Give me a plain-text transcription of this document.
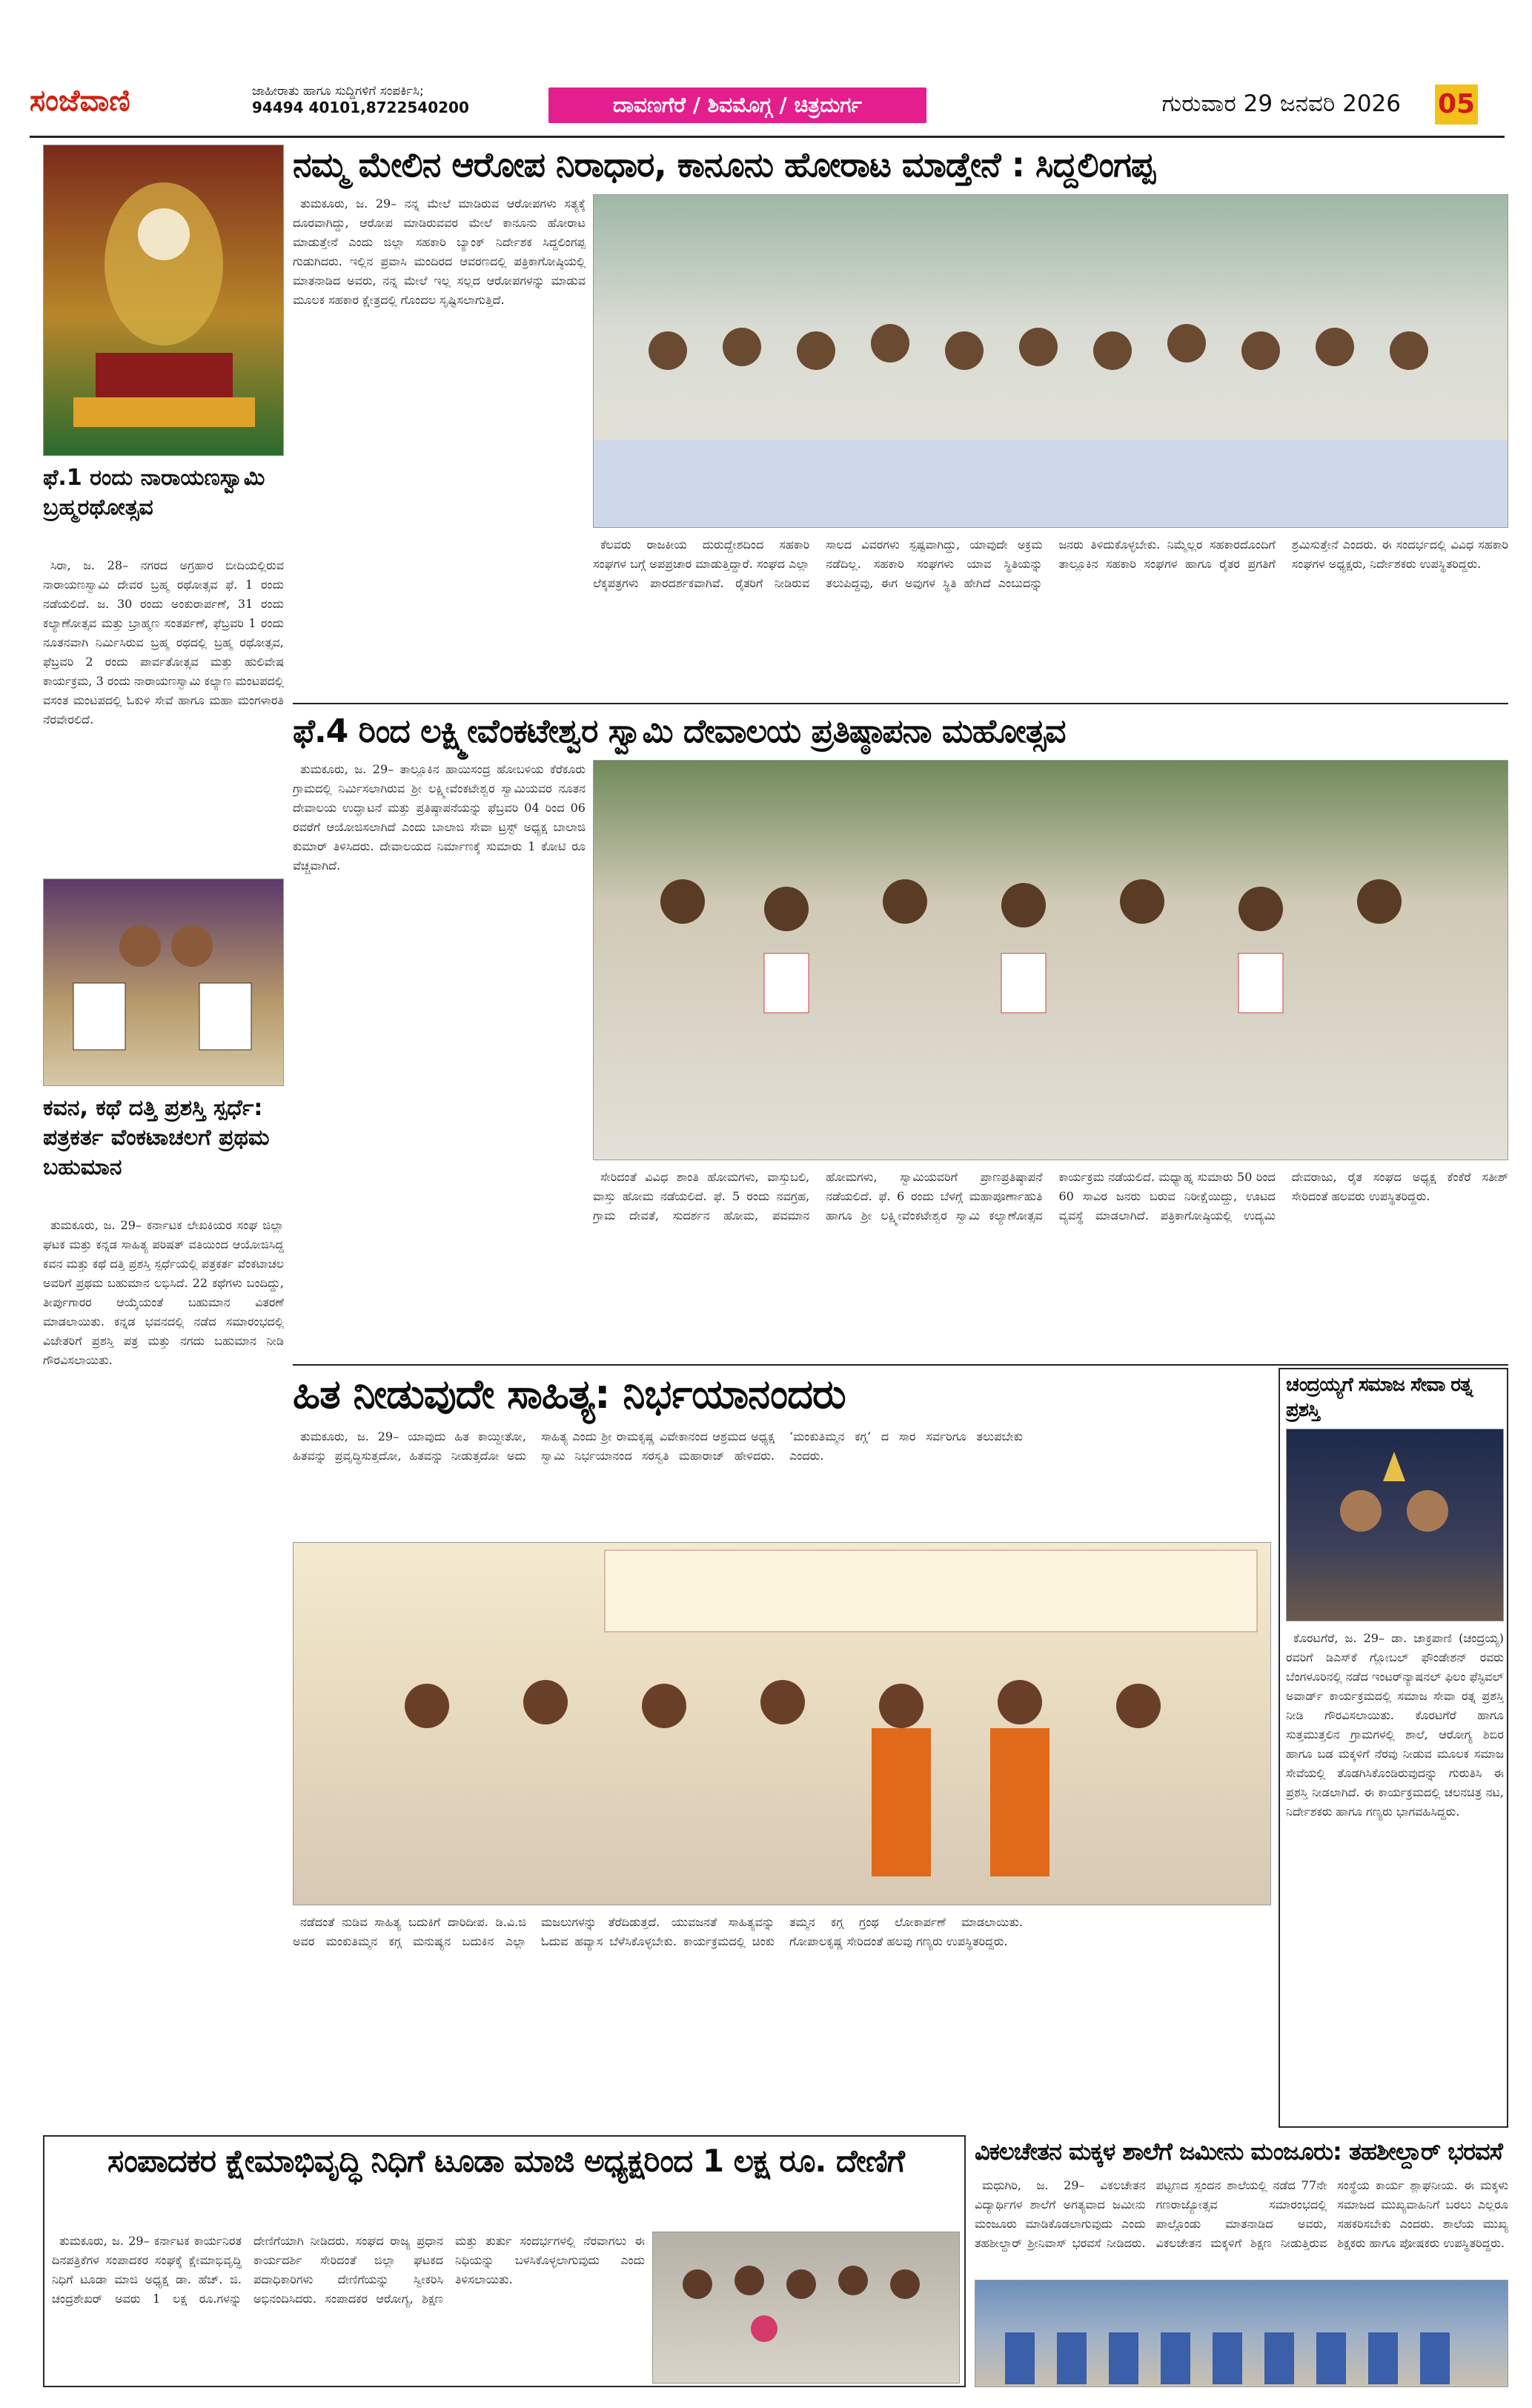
ಸಂಜೆವಾಣಿ	ಜಾಹೀರಾತು ಹಾಗೂ ಸುದ್ದಿಗಳಿಗೆ ಸಂಪರ್ಕಿಸಿ;
94494 40101,8722540200	ದಾವಣಗೆರೆ / ಶಿವಮೊಗ್ಗ / ಚಿತ್ರದುರ್ಗ	ಗುರುವಾರ 29 ಜನವರಿ 2026 05
ಫೆ.1 ರಂದು ನಾರಾಯಣಸ್ವಾಮಿ ಬ್ರಹ್ಮರಥೋತ್ಸವ

ಸಿರಾ, ಜ. 28– ನಗರದ ಅಗ್ರಹಾರ ಬೀದಿಯಲ್ಲಿರುವ ನಾರಾಯಣಸ್ವಾಮಿ ದೇವರ ಬ್ರಹ್ಮ ರಥೋತ್ಸವ ಫೆ. 1 ರಂದು ನಡೆಯಲಿದೆ. ಜ. 30 ರಂದು ಅಂಕುರಾರ್ಪಣೆ, 31 ರಂದು ಕಲ್ಯಾಣೋತ್ಸವ ಮತ್ತು ಬ್ರಾಹ್ಮಣ ಸಂತರ್ಪಣೆ, ಫೆಬ್ರವರಿ 1 ರಂದು ನೂತನವಾಗಿ ನಿರ್ಮಿಸಿರುವ ಬ್ರಹ್ಮ ರಥದಲ್ಲಿ ಬ್ರಹ್ಮ ರಥೋತ್ಸವ, ಫೆಬ್ರವರಿ 2 ರಂದು ಪಾರ್ವತೋತ್ಸವ ಮತ್ತು ಹುಲಿವೇಷ ಕಾರ್ಯಕ್ರಮ, 3 ರಂದು ನಾರಾಯಣಸ್ವಾಮಿ ಕಲ್ಯಾಣ ಮಂಟಪದಲ್ಲಿ ವಸಂತ ಮಂಟಪದಲ್ಲಿ ಓಕುಳಿ ಸೇವೆ ಹಾಗೂ ಮಹಾ ಮಂಗಳಾರತಿ ನೆರವೇರಲಿದೆ.

ಕವನ, ಕಥೆ ದತ್ತಿ ಪ್ರಶಸ್ತಿ ಸ್ಪರ್ಧೆ: ಪತ್ರಕರ್ತ ವೆಂಕಟಾಚಲಗೆ ಪ್ರಥಮ ಬಹುಮಾನ

ತುಮಕೂರು, ಜ. 29– ಕರ್ನಾಟಕ ಲೇಖಕಿಯರ ಸಂಘ ಜಿಲ್ಲಾ ಘಟಕ ಮತ್ತು ಕನ್ನಡ ಸಾಹಿತ್ಯ ಪರಿಷತ್ ವತಿಯಿಂದ ಆಯೋಜಿಸಿದ್ದ ಕವನ ಮತ್ತು ಕಥೆ ದತ್ತಿ ಪ್ರಶಸ್ತಿ ಸ್ಪರ್ಧೆಯಲ್ಲಿ ಪತ್ರಕರ್ತ ವೆಂಕಟಾಚಲ ಅವರಿಗೆ ಪ್ರಥಮ ಬಹುಮಾನ ಲಭಿಸಿದೆ. 22 ಕಥೆಗಳು ಬಂದಿದ್ದು, ತೀರ್ಪುಗಾರರ ಆಯ್ಕೆಯಂತೆ ಬಹುಮಾನ ವಿತರಣೆ ಮಾಡಲಾಯಿತು. ಕನ್ನಡ ಭವನದಲ್ಲಿ ನಡೆದ ಸಮಾರಂಭದಲ್ಲಿ ವಿಜೇತರಿಗೆ ಪ್ರಶಸ್ತಿ ಪತ್ರ ಮತ್ತು ನಗದು ಬಹುಮಾನ ನೀಡಿ ಗೌರವಿಸಲಾಯಿತು.

ನಮ್ಮ ಮೇಲಿನ ಆರೋಪ ನಿರಾಧಾರ, ಕಾನೂನು ಹೋರಾಟ ಮಾಡ್ತೇನೆ : ಸಿದ್ದಲಿಂಗಪ್ಪ

ತುಮಕೂರು, ಜ. 29– ನನ್ನ ಮೇಲೆ ಮಾಡಿರುವ ಆರೋಪಗಳು ಸತ್ಯಕ್ಕೆ ದೂರವಾಗಿದ್ದು, ಆರೋಪ ಮಾಡಿರುವವರ ಮೇಲೆ ಕಾನೂನು ಹೋರಾಟ ಮಾಡುತ್ತೇನೆ ಎಂದು ಜಿಲ್ಲಾ ಸಹಕಾರಿ ಬ್ಯಾಂಕ್ ನಿರ್ದೇಶಕ ಸಿದ್ದಲಿಂಗಪ್ಪ ಗುಡುಗಿದರು. ಇಲ್ಲಿನ ಪ್ರವಾಸಿ ಮಂದಿರದ ಆವರಣದಲ್ಲಿ ಪತ್ರಿಕಾಗೋಷ್ಠಿಯಲ್ಲಿ ಮಾತನಾಡಿದ ಅವರು, ನನ್ನ ಮೇಲೆ ಇಲ್ಲ ಸಲ್ಲದ ಆರೋಪಗಳನ್ನು ಮಾಡುವ ಮೂಲಕ ಸಹಕಾರ ಕ್ಷೇತ್ರದಲ್ಲಿ ಗೊಂದಲ ಸೃಷ್ಟಿಸಲಾಗುತ್ತಿದೆ.

ಕೆಲವರು ರಾಜಕೀಯ ದುರುದ್ದೇಶದಿಂದ ಸಹಕಾರಿ ಸಂಘಗಳ ಬಗ್ಗೆ ಅಪಪ್ರಚಾರ ಮಾಡುತ್ತಿದ್ದಾರೆ. ಸಂಘದ ಎಲ್ಲಾ ಲೆಕ್ಕಪತ್ರಗಳು ಪಾರದರ್ಶಕವಾಗಿವೆ. ರೈತರಿಗೆ ನೀಡಿರುವ ಸಾಲದ ವಿವರಗಳು ಸ್ಪಷ್ಟವಾಗಿದ್ದು, ಯಾವುದೇ ಅಕ್ರಮ ನಡೆದಿಲ್ಲ. ಸಹಕಾರಿ ಸಂಘಗಳು ಯಾವ ಸ್ಥಿತಿಯನ್ನು ತಲುಪಿದ್ದವು, ಈಗ ಅವುಗಳ ಸ್ಥಿತಿ ಹೇಗಿದೆ ಎಂಬುದನ್ನು ಜನರು ತಿಳಿದುಕೊಳ್ಳಬೇಕು. ನಿಮ್ಮೆಲ್ಲರ ಸಹಕಾರದೊಂದಿಗೆ ತಾಲ್ಲೂಕಿನ ಸಹಕಾರಿ ಸಂಘಗಳ ಹಾಗೂ ರೈತರ ಪ್ರಗತಿಗೆ ಶ್ರಮಿಸುತ್ತೇನೆ ಎಂದರು. ಈ ಸಂದರ್ಭದಲ್ಲಿ ವಿವಿಧ ಸಹಕಾರಿ ಸಂಘಗಳ ಅಧ್ಯಕ್ಷರು, ನಿರ್ದೇಶಕರು ಉಪಸ್ಥಿತರಿದ್ದರು.

ಫೆ.4 ರಿಂದ ಲಕ್ಷ್ಮೀವೆಂಕಟೇಶ್ವರ ಸ್ವಾಮಿ ದೇವಾಲಯ ಪ್ರತಿಷ್ಠಾಪನಾ ಮಹೋತ್ಸವ

ತುಮಕೂರು, ಜ. 29– ತಾಲ್ಲೂಕಿನ ಹಾಯಿಸಂದ್ರ ಹೋಬಳಿಯ ಕೆರೆಕೂರು ಗ್ರಾಮದಲ್ಲಿ ನಿರ್ಮಿಸಲಾಗಿರುವ ಶ್ರೀ ಲಕ್ಷ್ಮೀವೆಂಕಟೇಶ್ವರ ಸ್ವಾಮಿಯವರ ನೂತನ ದೇವಾಲಯ ಉದ್ಘಾಟನೆ ಮತ್ತು ಪ್ರತಿಷ್ಠಾಪನೆಯನ್ನು ಫೆಬ್ರವರಿ 04 ರಿಂದ 06 ರವರೆಗೆ ಆಯೋಜಿಸಲಾಗಿದೆ ಎಂದು ಬಾಲಾಜಿ ಸೇವಾ ಟ್ರಸ್ಟ್ ಅಧ್ಯಕ್ಷ ಬಾಲಾಜಿ ಕುಮಾರ್ ತಿಳಿಸಿದರು. ದೇವಾಲಯದ ನಿರ್ಮಾಣಕ್ಕೆ ಸುಮಾರು 1 ಕೋಟಿ ರೂ ವೆಚ್ಚವಾಗಿದೆ.

ಸೇರಿದಂತೆ ವಿವಿಧ ಶಾಂತಿ ಹೋಮಗಳು, ವಾಸ್ತುಬಲಿ, ವಾಸ್ತು ಹೋಮ ನಡೆಯಲಿದೆ. ಫೆ. 5 ರಂದು ನವಗ್ರಹ, ಗ್ರಾಮ ದೇವತೆ, ಸುದರ್ಶನ ಹೋಮ, ಪವಮಾನ ಹೋಮಗಳು, ಸ್ವಾಮಿಯವರಿಗೆ ಪ್ರಾಣಪ್ರತಿಷ್ಠಾಪನೆ ನಡೆಯಲಿದೆ. ಫೆ. 6 ರಂದು ಬೆಳಗ್ಗೆ ಮಹಾಪೂರ್ಣಾಹುತಿ ಹಾಗೂ ಶ್ರೀ ಲಕ್ಷ್ಮೀವೆಂಕಟೇಶ್ವರ ಸ್ವಾಮಿ ಕಲ್ಯಾಣೋತ್ಸವ ಕಾರ್ಯಕ್ರಮ ನಡೆಯಲಿದೆ. ಮಧ್ಯಾಹ್ನ ಸುಮಾರು 50 ರಿಂದ 60 ಸಾವಿರ ಜನರು ಬರುವ ನಿರೀಕ್ಷೆಯಿದ್ದು, ಊಟದ ವ್ಯವಸ್ಥೆ ಮಾಡಲಾಗಿದೆ. ಪತ್ರಿಕಾಗೋಷ್ಠಿಯಲ್ಲಿ ಉದ್ಯಮಿ ದೇವರಾಜು, ರೈತ ಸಂಘದ ಅಧ್ಯಕ್ಷ ಕೆಂಕೆರೆ ಸತೀಶ್ ಸೇರಿದಂತೆ ಹಲವರು ಉಪಸ್ಥಿತರಿದ್ದರು.

ಹಿತ ನೀಡುವುದೇ ಸಾಹಿತ್ಯ: ನಿರ್ಭಯಾನಂದರು

ತುಮಕೂರು, ಜ. 29– ಯಾವುದು ಹಿತ ಕಾಯ್ದೀತೋ, ಹಿತವನ್ನು ಪ್ರವೃದ್ಧಿಸುತ್ತದೋ, ಹಿತವನ್ನು ನೀಡುತ್ತದೋ ಅದು ಸಾಹಿತ್ಯ ಎಂದು ಶ್ರೀ ರಾಮಕೃಷ್ಣ ವಿವೇಕಾನಂದ ಆಶ್ರಮದ ಅಧ್ಯಕ್ಷ ಸ್ವಾಮಿ ನಿರ್ಭಯಾನಂದ ಸರಸ್ವತಿ ಮಹಾರಾಜ್ ಹೇಳಿದರು. ‘ಮಂಕುತಿಮ್ಮನ ಕಗ್ಗ’ ದ ಸಾರ ಸರ್ವರಿಗೂ ತಲುಪಬೇಕು ಎಂದರು.

ನಡೆದಂತೆ ನುಡಿವ ಸಾಹಿತ್ಯ ಬದುಕಿಗೆ ದಾರಿದೀಪ. ಡಿ.ವಿ.ಜಿ ಅವರ ಮಂಕುತಿಮ್ಮನ ಕಗ್ಗ ಮನುಷ್ಯನ ಬದುಕಿನ ಎಲ್ಲಾ ಮಜಲುಗಳನ್ನು ತೆರೆದಿಡುತ್ತದೆ. ಯುವಜನತೆ ಸಾಹಿತ್ಯವನ್ನು ಓದುವ ಹವ್ಯಾಸ ಬೆಳೆಸಿಕೊಳ್ಳಬೇಕು. ಕಾರ್ಯಕ್ರಮದಲ್ಲಿ ಚಿಂಕು ತಮ್ಮನ ಕಗ್ಗ ಗ್ರಂಥ ಲೋಕಾರ್ಪಣೆ ಮಾಡಲಾಯಿತು. ಗೋಪಾಲಕೃಷ್ಣ ಸೇರಿದಂತೆ ಹಲವು ಗಣ್ಯರು ಉಪಸ್ಥಿತರಿದ್ದರು.

ಚಂದ್ರಯ್ಯಗೆ ಸಮಾಜ ಸೇವಾ ರತ್ನ ಪ್ರಶಸ್ತಿ

ಕೊರಟಗೆರೆ, ಜ. 29– ಡಾ. ಚಾಕ್ರಪಾಣಿ (ಚಂದ್ರಯ್ಯ) ರವರಿಗೆ ಡಿಎಸ್‌ಕೆ ಗ್ಲೋಬಲ್ ಫೌಂಡೇಶನ್ ರವರು ಬೆಂಗಳೂರಿನಲ್ಲಿ ನಡೆದ ಇಂಟರ್‌ನ್ಯಾಷನಲ್ ಫಿಲಂ ಫೆಸ್ಟಿವಲ್ ಅವಾರ್ಡ್ ಕಾರ್ಯಕ್ರಮದಲ್ಲಿ ಸಮಾಜ ಸೇವಾ ರತ್ನ ಪ್ರಶಸ್ತಿ ನೀಡಿ ಗೌರವಿಸಲಾಯಿತು. ಕೊರಟಗೆರೆ ಹಾಗೂ ಸುತ್ತಮುತ್ತಲಿನ ಗ್ರಾಮಗಳಲ್ಲಿ ಶಾಲೆ, ಆರೋಗ್ಯ ಶಿಬಿರ ಹಾಗೂ ಬಡ ಮಕ್ಕಳಿಗೆ ನೆರವು ನೀಡುವ ಮೂಲಕ ಸಮಾಜ ಸೇವೆಯಲ್ಲಿ ತೊಡಗಿಸಿಕೊಂಡಿರುವುದನ್ನು ಗುರುತಿಸಿ ಈ ಪ್ರಶಸ್ತಿ ನೀಡಲಾಗಿದೆ. ಈ ಕಾರ್ಯಕ್ರಮದಲ್ಲಿ ಚಲನಚಿತ್ರ ನಟ, ನಿರ್ದೇಶಕರು ಹಾಗೂ ಗಣ್ಯರು ಭಾಗವಹಿಸಿದ್ದರು.

ಸಂಪಾದಕರ ಕ್ಷೇಮಾಭಿವೃದ್ಧಿ ನಿಧಿಗೆ ಟೂಡಾ ಮಾಜಿ ಅಧ್ಯಕ್ಷರಿಂದ 1 ಲಕ್ಷ ರೂ. ದೇಣಿಗೆ

ತುಮಕೂರು, ಜ. 29– ಕರ್ನಾಟಕ ಕಾರ್ಯನಿರತ ದಿನಪತ್ರಿಕೆಗಳ ಸಂಪಾದಕರ ಸಂಘಕ್ಕೆ ಕ್ಷೇಮಾಭಿವೃದ್ಧಿ ನಿಧಿಗೆ ಟೂಡಾ ಮಾಜಿ ಅಧ್ಯಕ್ಷ ಡಾ. ಹೆಚ್. ಜಿ. ಚಂದ್ರಶೇಖರ್ ಅವರು 1 ಲಕ್ಷ ರೂ.ಗಳನ್ನು ದೇಣಿಗೆಯಾಗಿ ನೀಡಿದರು. ಸಂಘದ ರಾಜ್ಯ ಪ್ರಧಾನ ಕಾರ್ಯದರ್ಶಿ ಸೇರಿದಂತೆ ಜಿಲ್ಲಾ ಘಟಕದ ಪದಾಧಿಕಾರಿಗಳು ದೇಣಿಗೆಯನ್ನು ಸ್ವೀಕರಿಸಿ ಅಭಿನಂದಿಸಿದರು. ಸಂಪಾದಕರ ಆರೋಗ್ಯ, ಶಿಕ್ಷಣ ಮತ್ತು ತುರ್ತು ಸಂದರ್ಭಗಳಲ್ಲಿ ನೆರವಾಗಲು ಈ ನಿಧಿಯನ್ನು ಬಳಸಿಕೊಳ್ಳಲಾಗುವುದು ಎಂದು ತಿಳಿಸಲಾಯಿತು.

ವಿಕಲಚೇತನ ಮಕ್ಕಳ ಶಾಲೆಗೆ ಜಮೀನು ಮಂಜೂರು: ತಹಶೀಲ್ದಾರ್ ಭರವಸೆ

ಮಧುಗಿರಿ, ಜ. 29– ವಿಕಲಚೇತನ ವಿದ್ಯಾರ್ಥಿಗಳ ಶಾಲೆಗೆ ಅಗತ್ಯವಾದ ಜಮೀನು ಮಂಜೂರು ಮಾಡಿಕೊಡಲಾಗುವುದು ಎಂದು ತಹಶೀಲ್ದಾರ್ ಶ್ರೀನಿವಾಸ್ ಭರವಸೆ ನೀಡಿದರು. ಪಟ್ಟಣದ ಸ್ಪಂದನ ಶಾಲೆಯಲ್ಲಿ ನಡೆದ 77ನೇ ಗಣರಾಜ್ಯೋತ್ಸವ ಸಮಾರಂಭದಲ್ಲಿ ಪಾಲ್ಗೊಂಡು ಮಾತನಾಡಿದ ಅವರು, ವಿಕಲಚೇತನ ಮಕ್ಕಳಿಗೆ ಶಿಕ್ಷಣ ನೀಡುತ್ತಿರುವ ಸಂಸ್ಥೆಯ ಕಾರ್ಯ ಶ್ಲಾಘನೀಯ. ಈ ಮಕ್ಕಳು ಸಮಾಜದ ಮುಖ್ಯವಾಹಿನಿಗೆ ಬರಲು ಎಲ್ಲರೂ ಸಹಕರಿಸಬೇಕು ಎಂದರು. ಶಾಲೆಯ ಮುಖ್ಯ ಶಿಕ್ಷಕರು ಹಾಗೂ ಪೋಷಕರು ಉಪಸ್ಥಿತರಿದ್ದರು.
